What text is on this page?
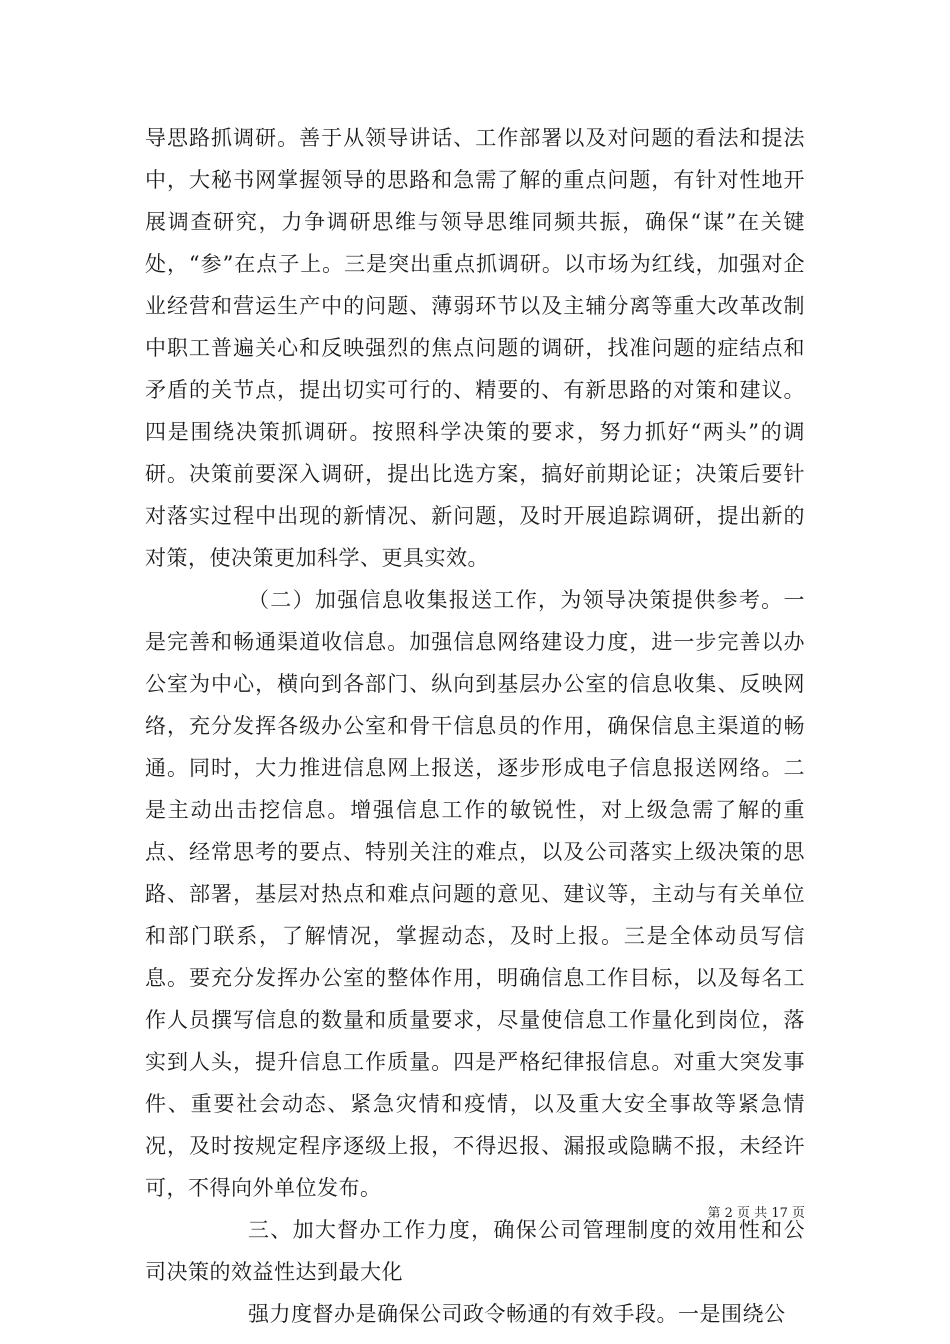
导思路抓调研。善于从领导讲话、工作部署以及对问题的看法和提法中，大秘书网掌握领导的思路和急需了解的重点问题，有针对性地开展调查研究，力争调研思维与领导思维同频共振，确保“谋”在关键处，“参”在点子上。三是突出重点抓调研。以市场为红线，加强对企业经营和营运生产中的问题、薄弱环节以及主辅分离等重大改革改制中职工普遍关心和反映强烈的焦点问题的调研，找准问题的症结点和矛盾的关节点，提出切实可行的、精要的、有新思路的对策和建议。四是围绕决策抓调研。按照科学决策的要求，努力抓好“两头”的调研。决策前要深入调研，提出比选方案，搞好前期论证；决策后要针对落实过程中出现的新情况、新问题，及时开展追踪调研，提出新的对策，使决策更加科学、更具实效。

（二）加强信息收集报送工作，为领导决策提供参考。一是完善和畅通渠道收信息。加强信息网络建设力度，进一步完善以办公室为中心，横向到各部门、纵向到基层办公室的信息收集、反映网络，充分发挥各级办公室和骨干信息员的作用，确保信息主渠道的畅通。同时，大力推进信息网上报送，逐步形成电子信息报送网络。二是主动出击挖信息。增强信息工作的敏锐性，对上级急需了解的重点、经常思考的要点、特别关注的难点，以及公司落实上级决策的思路、部署，基层对热点和难点问题的意见、建议等，主动与有关单位和部门联系，了解情况，掌握动态，及时上报。三是全体动员写信息。要充分发挥办公室的整体作用，明确信息工作目标，以及每名工作人员撰写信息的数量和质量要求，尽量使信息工作量化到岗位，落实到人头，提升信息工作质量。四是严格纪律报信息。对重大突发事件、重要社会动态、紧急灾情和疫情，以及重大安全事故等紧急情况，及时按规定程序逐级上报，不得迟报、漏报或隐瞒不报，未经许可，不得向外单位发布。

三、加大督办工作力度，确保公司管理制度的效用性和公司决策的效益性达到最大化

强力度督办是确保公司政令畅通的有效手段。一是围绕公

第 2 页 共 17 页
